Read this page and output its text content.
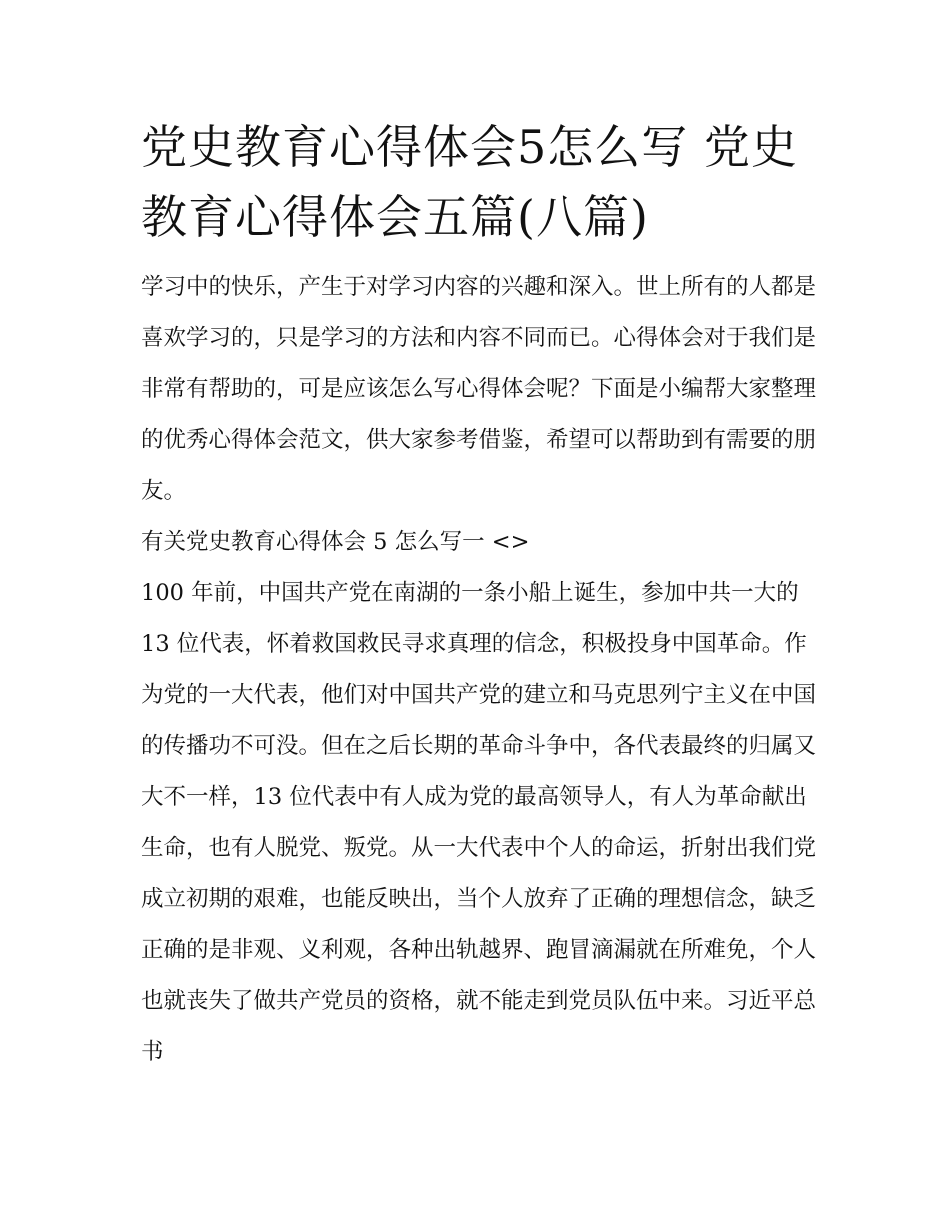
党史教育心得体会5怎么写 党史教育心得体会五篇(八篇)

学习中的快乐，产生于对学习内容的兴趣和深入。世上所有的人都是喜欢学习的，只是学习的方法和内容不同而已。心得体会对于我们是非常有帮助的，可是应该怎么写心得体会呢？下面是小编帮大家整理的优秀心得体会范文，供大家参考借鉴，希望可以帮助到有需要的朋友。

有关党史教育心得体会 5 怎么写一 <>

100 年前，中国共产党在南湖的一条小船上诞生，参加中共一大的 13 位代表，怀着救国救民寻求真理的信念，积极投身中国革命。作为党的一大代表，他们对中国共产党的建立和马克思列宁主义在中国的传播功不可没。但在之后长期的革命斗争中，各代表最终的归属又大不一样，13 位代表中有人成为党的最高领导人，有人为革命献出生命，也有人脱党、叛党。从一大代表中个人的命运，折射出我们党成立初期的艰难，也能反映出，当个人放弃了正确的理想信念，缺乏正确的是非观、义利观，各种出轨越界、跑冒滴漏就在所难免，个人也就丧失了做共产党员的资格，就不能走到党员队伍中来。习近平总书
